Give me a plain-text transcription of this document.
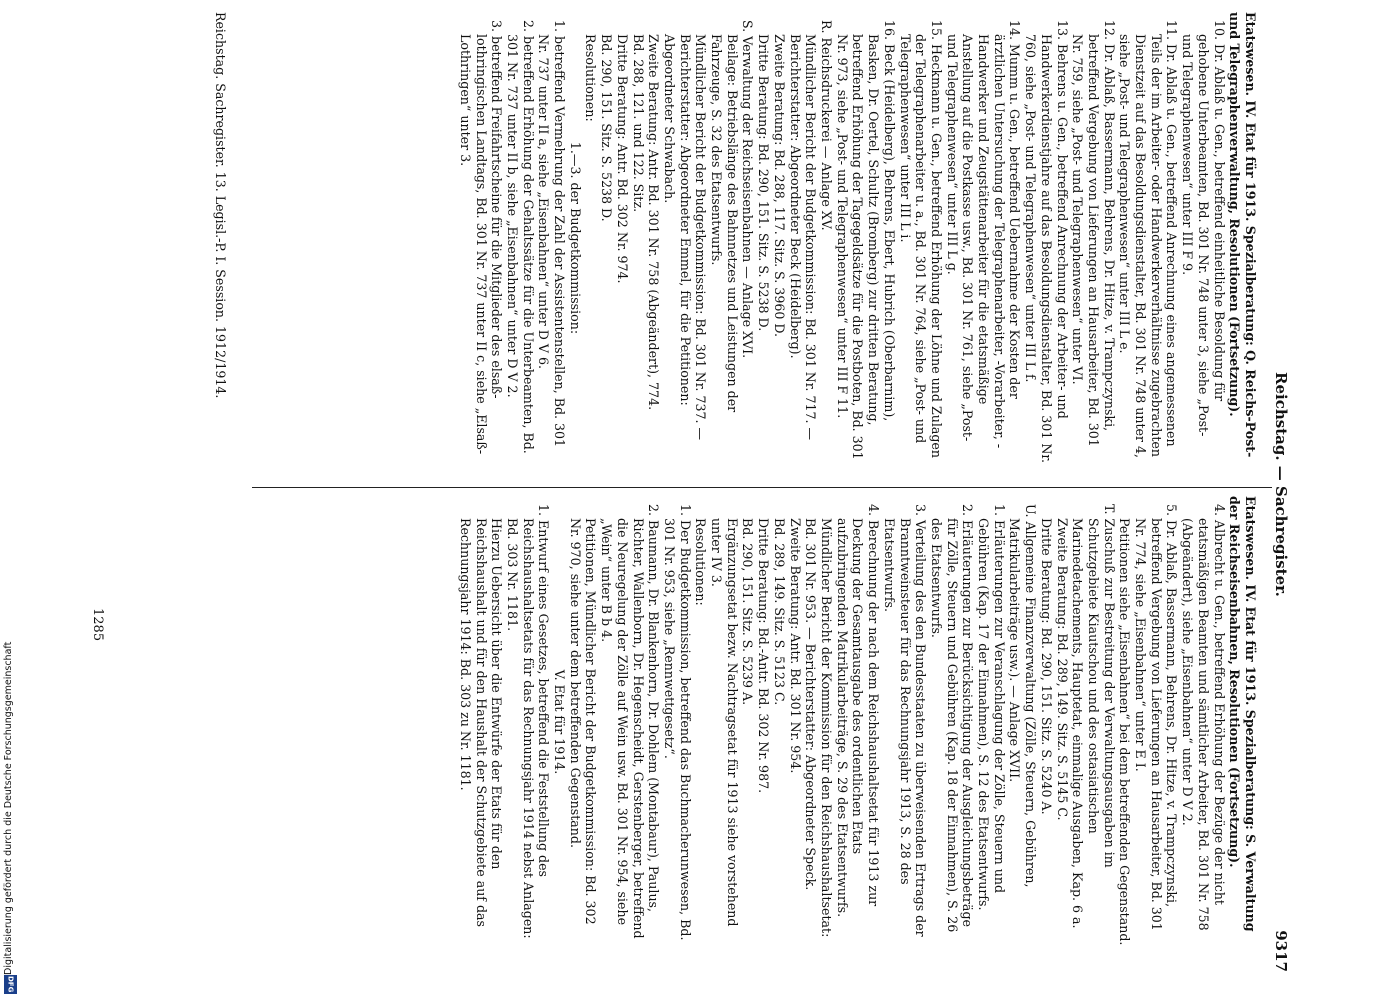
DFG
Digitalisierung gefördert durch die Deutsche Forschungsgemeinschaft
Reichstag. — Sachregister.
9317

Etatswesen. IV. Etat für 1913. Spezialberatung: Q. Reichs-Post- und Telegraphenverwaltung, Resolutionen (Fortsetzung).

10. Dr. Ablaß u. Gen., betreffend einheitliche Besoldung für gehobene Unterbeamten, Bd. 301 Nr. 748 unter 3, siehe „Post- und Telegraphenwesen“ unter III F 9.

11. Dr. Ablaß u. Gen., betreffend Anrechnung eines angemessenen Teils der im Arbeiter- oder Handwerkerverhältnisse zugebrachten Dienstzeit auf das Besoldungsdienstalter, Bd. 301 Nr. 748 unter 4, siehe „Post- und Telegraphenwesen“ unter III L e.

12. Dr. Ablaß, Bassermann, Behrens, Dr. Hitze, v. Trampczynski, betreffend Vergebung von Lieferungen an Hausarbeiter, Bd. 301 Nr. 759, siehe „Post- und Telegraphenwesen“ unter VI.

13. Behrens u. Gen., betreffend Anrechnung der Arbeiter- und Handwerkerdienstjahre auf das Besoldungsdienstalter, Bd. 301 Nr. 760, siehe „Post- und Telegraphenwesen“ unter III L f.

14. Mumm u. Gen., betreffend Uebernahme der Kosten der ärztlichen Untersuchung der Telegraphenarbeiter, -Vorarbeiter, -Handwerker und Zeugstättenarbeiter für die etatsmäßige Anstellung auf die Postkasse usw., Bd. 301 Nr. 761, siehe „Post- und Telegraphenwesen“ unter III L g.

15. Heckmann u. Gen., betreffend Erhöhung der Löhne und Zulagen der Telegraphenarbeiter u. a., Bd. 301 Nr. 764, siehe „Post- und Telegraphenwesen“ unter III L i.

16. Beck (Heidelberg), Behrens, Ebert, Hubrich (Oberbarnim), Basken, Dr. Oertel, Schultz (Bromberg) zur dritten Beratung, betreffend Erhöhung der Tagegeldsätze für die Postboten, Bd. 301 Nr. 973, siehe „Post- und Telegraphenwesen“ unter III F 11.

R. Reichsdruckerei — Anlage XV.

Mündlicher Bericht der Budgetkommission: Bd. 301 Nr. 717. — Berichterstatter: Abgeordneter Beck (Heidelberg).

Zweite Beratung: Bd. 288, 117. Sitz. S. 3960 D.

Dritte Beratung: Bd. 290, 151. Sitz. S. 5238 D.

S. Verwaltung der Reichseisenbahnen — Anlage XVI.

Beilage: Betriebslänge des Bahnnetzes und Leistungen der Fahrzeuge, S. 32 des Etatsentwurfs.

Mündlicher Bericht der Budgetkommission: Bd. 301 Nr. 737. — Berichterstatter: Abgeordneter Emmel, für die Petitionen: Abgeordneter Schwabach.

Zweite Beratung: Antr. Bd. 301 Nr. 758 (Abgeändert), 774.

Bd. 288, 121. und 122. Sitz.

Dritte Beratung: Antr. Bd. 302 Nr. 974.

Bd. 290, 151. Sitz. S. 5238 D.

Resolutionen:

1.—3. der Budgetkommission:

1. betreffend Vermehrung der Zahl der Assistentenstellen, Bd. 301 Nr. 737 unter II a, siehe „Eisenbahnen“ unter D V 6.

2. betreffend Erhöhung der Gehaltssätze für die Unterbeamten, Bd. 301 Nr. 737 unter II b, siehe „Eisenbahnen“ unter D V 2.

3. betreffend Freifahrtscheine für die Mitglieder des elsaß-lothringischen Landtags, Bd. 301 Nr. 737 unter II c, siehe „Elsaß-Lothringen“ unter 3.

Etatswesen. IV. Etat für 1913. Spezialberatung: S. Verwaltung der Reichseisenbahnen, Resolutionen (Fortsetzung).

4. Albrecht u. Gen., betreffend Erhöhung der Bezüge der nicht etatsmäßigen Beamten und sämtlicher Arbeiter, Bd. 301 Nr. 758 (Abgeändert), siehe „Eisenbahnen“ unter D V 2.

5. Dr. Ablaß, Bassermann, Behrens, Dr. Hitze, v. Trampczynski, betreffend Vergebung von Lieferungen an Hausarbeiter, Bd. 301 Nr. 774, siehe „Eisenbahnen“ unter E I.

Petitionen siehe „Eisenbahnen“ bei dem betreffenden Gegenstand.

T. Zuschuß zur Bestreitung der Verwaltungsausgaben im Schutzgebiete Kiautschou und des ostasiatischen Marinedetachements, Hauptetat, einmalige Ausgaben, Kap. 6 a.

Zweite Beratung: Bd. 289, 149. Sitz. S. 5145 C.

Dritte Beratung: Bd. 290, 151. Sitz. S. 5240 A.

U. Allgemeine Finanzverwaltung (Zölle, Steuern, Gebühren, Matrikularbeiträge usw.). — Anlage XVII.

1. Erläuterungen zur Veranschlagung der Zölle, Steuern und Gebühren (Kap. 17 der Einnahmen), S. 12 des Etatsentwurfs.

2. Erläuterungen zur Berücksichtigung der Ausgleichungsbeträge für Zölle, Steuern und Gebühren (Kap. 18 der Einnahmen), S. 26 des Etatsentwurfs.

3. Verteilung des den Bundesstaaten zu überweisenden Ertrags der Branntweinsteuer für das Rechnungsjahr 1913, S. 28 des Etatsentwurfs.

4. Berechnung der nach dem Reichshaushaltsetat für 1913 zur Deckung der Gesamtausgabe des ordentlichen Etats aufzubringenden Matrikularbeiträge, S. 29 des Etatsentwurfs.

Mündlicher Bericht der Kommission für den Reichshaushaltsetat: Bd. 301 Nr. 953. — Berichterstatter: Abgeordneter Speck.

Zweite Beratung: Antr. Bd. 301 Nr. 954.

Bd. 289, 149. Sitz. S. 5123 C.

Dritte Beratung: Bd.-Antr. Bd. 302 Nr. 987.

Bd. 290, 151. Sitz. S. 5239 A.

Ergänzungsetat bezw. Nachtragsetat für 1913 siehe vorstehend unter IV 3.

Resolutionen:

1. Der Budgetkommission, betreffend das Buchmacherunwesen, Bd. 301 Nr. 953, siehe „Rennwettgesetz“.

2. Baumann, Dr. Blankenhorn, Dr. Dohlem (Montabaur), Paulus, Richter, Wallenborn, Dr. Hegenscheidt, Gerstenberger, betreffend die Neuregelung der Zölle auf Wein usw. Bd. 301 Nr. 954, siehe „Wein“ unter B b 4.

Petitionen, Mündlicher Bericht der Budgetkommission: Bd. 302 Nr. 970, siehe unter dem betreffenden Gegenstand.

V. Etat für 1914.

1. Entwurf eines Gesetzes, betreffend die Feststellung des Reichshaushaltsetats für das Rechnungsjahr 1914 nebst Anlagen: Bd. 303 Nr. 1181.

Hierzu Uebersicht über die Entwürfe der Etats für den Reichshaushalt und für den Haushalt der Schutzgebiete auf das Rechnungsjahr 1914: Bd. 303 zu Nr. 1181.

Reichstag. Sachregister. 13. Legisl.-P. I. Session. 1912/1914.
1285
